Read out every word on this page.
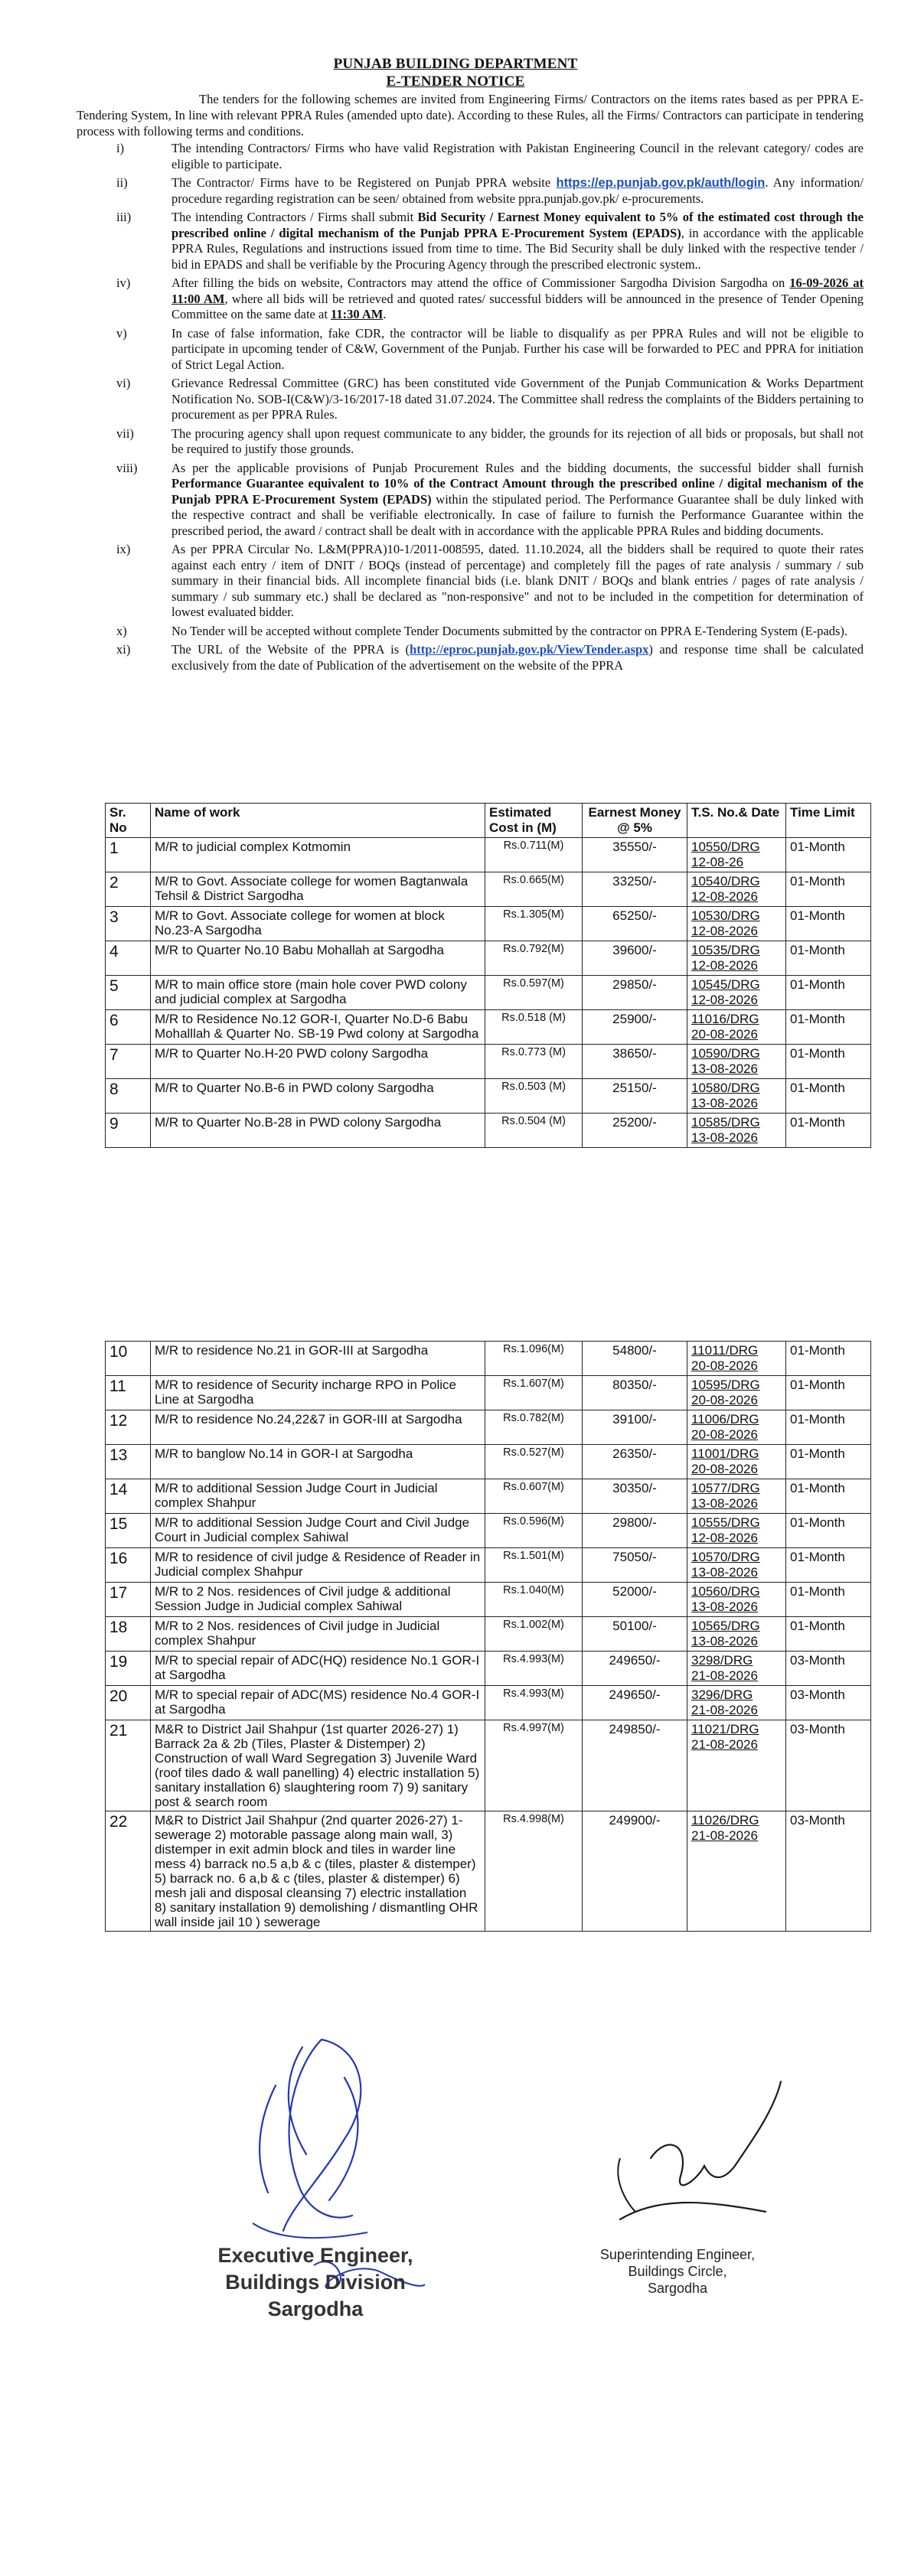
PUNJAB BUILDING DEPARTMENT
E-TENDER NOTICE
The tenders for the following schemes are invited from Engineering Firms/ Contractors on the items rates based as per PPRA E-Tendering System, In line with relevant PPRA Rules (amended upto date). According to these Rules, all the Firms/ Contractors can participate in tendering process with following terms and conditions.
i)	The intending Contractors/ Firms who have valid Registration with Pakistan Engineering Council in the relevant category/ codes are eligible to participate.
ii)	The Contractor/ Firms have to be Registered on Punjab PPRA website https://ep.punjab.gov.pk/auth/login. Any information/ procedure regarding registration can be seen/ obtained from website ppra.punjab.gov.pk/ e-procurements.
iii)	The intending Contractors / Firms shall submit Bid Security / Earnest Money equivalent to 5% of the estimated cost through the prescribed online / digital mechanism of the Punjab PPRA E-Procurement System (EPADS), in accordance with the applicable PPRA Rules, Regulations and instructions issued from time to time. The Bid Security shall be duly linked with the respective tender / bid in EPADS and shall be verifiable by the Procuring Agency through the prescribed electronic system..
iv)	After filling the bids on website, Contractors may attend the office of Commissioner Sargodha Division Sargodha on 16-09-2026 at 11:00 AM, where all bids will be retrieved and quoted rates/ successful bidders will be announced in the presence of Tender Opening Committee on the same date at 11:30 AM.
v)	In case of false information, fake CDR, the contractor will be liable to disqualify as per PPRA Rules and will not be eligible to participate in upcoming tender of C&W, Government of the Punjab. Further his case will be forwarded to PEC and PPRA for initiation of Strict Legal Action.
vi)	Grievance Redressal Committee (GRC) has been constituted vide Government of the Punjab Communication & Works Department Notification No. SOB-I(C&W)/3-16/2017-18 dated 31.07.2024. The Committee shall redress the complaints of the Bidders pertaining to procurement as per PPRA Rules.
vii)	The procuring agency shall upon request communicate to any bidder, the grounds for its rejection of all bids or proposals, but shall not be required to justify those grounds.
viii)	As per the applicable provisions of Punjab Procurement Rules and the bidding documents, the successful bidder shall furnish Performance Guarantee equivalent to 10% of the Contract Amount through the prescribed online / digital mechanism of the Punjab PPRA E-Procurement System (EPADS) within the stipulated period. The Performance Guarantee shall be duly linked with the respective contract and shall be verifiable electronically. In case of failure to furnish the Performance Guarantee within the prescribed period, the award / contract shall be dealt with in accordance with the applicable PPRA Rules and bidding documents.
ix)	As per PPRA Circular No. L&M(PPRA)10-1/2011-008595, dated. 11.10.2024, all the bidders shall be required to quote their rates against each entry / item of DNIT / BOQs (instead of percentage) and completely fill the pages of rate analysis / summary / sub summary in their financial bids. All incomplete financial bids (i.e. blank DNIT / BOQs and blank entries / pages of rate analysis / summary / sub summary etc.) shall be declared as "non-responsive" and not to be included in the competition for determination of lowest evaluated bidder.
x)	No Tender will be accepted without complete Tender Documents submitted by the contractor on PPRA E-Tendering System (E-pads).
xi)	The URL of the Website of the PPRA is (http://eproc.punjab.gov.pk/ViewTender.aspx) and response time shall be calculated exclusively from the date of Publication of the advertisement on the website of the PPRA
Sr. No	Name of work	Estimated Cost in (M)	Earnest Money @ 5%	T.S. No.& Date	Time Limit
1	M/R to judicial complex Kotmomin	Rs.0.711(M)	35550/-	10550/DRG
12-08-26	01-Month
2	M/R to Govt. Associate college for women Bagtanwala Tehsil & District Sargodha	Rs.0.665(M)	33250/-	10540/DRG
12-08-2026	01-Month
3	M/R to Govt. Associate college for women at block No.23-A Sargodha	Rs.1.305(M)	65250/-	10530/DRG
12-08-2026	01-Month
4	M/R to Quarter No.10 Babu Mohallah at Sargodha	Rs.0.792(M)	39600/-	10535/DRG
12-08-2026	01-Month
5	M/R to main office store (main hole cover PWD colony and judicial complex at Sargodha	Rs.0.597(M)	29850/-	10545/DRG
12-08-2026	01-Month
6	M/R to Residence No.12 GOR-I, Quarter No.D-6 Babu Mohalllah & Quarter No. SB-19 Pwd colony at Sargodha	Rs.0.518 (M)	25900/-	11016/DRG
20-08-2026	01-Month
7	M/R to Quarter No.H-20 PWD colony Sargodha	Rs.0.773 (M)	38650/-	10590/DRG
13-08-2026	01-Month
8	M/R to Quarter No.B-6 in PWD colony Sargodha	Rs.0.503 (M)	25150/-	10580/DRG
13-08-2026	01-Month
9	M/R to Quarter No.B-28 in PWD colony Sargodha	Rs.0.504 (M)	25200/-	10585/DRG
13-08-2026	01-Month
10	M/R to residence No.21 in GOR-III at Sargodha	Rs.1.096(M)	54800/-	11011/DRG
20-08-2026	01-Month
11	M/R to residence of Security incharge RPO in Police Line at Sargodha	Rs.1.607(M)	80350/-	10595/DRG
20-08-2026	01-Month
12	M/R to residence No.24,22&7 in GOR-III at Sargodha	Rs.0.782(M)	39100/-	11006/DRG
20-08-2026	01-Month
13	M/R to banglow No.14 in GOR-I at Sargodha	Rs.0.527(M)	26350/-	11001/DRG
20-08-2026	01-Month
14	M/R to additional Session Judge Court in Judicial complex Shahpur	Rs.0.607(M)	30350/-	10577/DRG
13-08-2026	01-Month
15	M/R to additional Session Judge Court and Civil Judge Court in Judicial complex Sahiwal	Rs.0.596(M)	29800/-	10555/DRG
12-08-2026	01-Month
16	M/R to residence of civil judge & Residence of Reader in Judicial complex Shahpur	Rs.1.501(M)	75050/-	10570/DRG
13-08-2026	01-Month
17	M/R to 2 Nos. residences of Civil judge & additional Session Judge in Judicial complex Sahiwal	Rs.1.040(M)	52000/-	10560/DRG
13-08-2026	01-Month
18	M/R to 2 Nos. residences of Civil judge in Judicial complex Shahpur	Rs.1.002(M)	50100/-	10565/DRG
13-08-2026	01-Month
19	M/R to special repair of ADC(HQ) residence No.1 GOR-I at Sargodha	Rs.4.993(M)	249650/-	3298/DRG
21-08-2026	03-Month
20	M/R to special repair of ADC(MS) residence No.4 GOR-I at Sargodha	Rs.4.993(M)	249650/-	3296/DRG
21-08-2026	03-Month
21	M&R to District Jail Shahpur (1st quarter 2026-27) 1) Barrack 2a & 2b (Tiles, Plaster & Distemper) 2) Construction of wall Ward Segregation 3) Juvenile Ward (roof tiles dado & wall panelling) 4) electric installation 5) sanitary installation 6) slaughtering room 7) 9) sanitary post & search room	Rs.4.997(M)	249850/-	11021/DRG
21-08-2026	03-Month
22	M&R to District Jail Shahpur (2nd quarter 2026-27) 1- sewerage 2) motorable passage along main wall, 3) distemper in exit admin block and tiles in warder line mess 4) barrack no.5 a,b & c (tiles, plaster & distemper) 5) barrack no. 6 a,b & c (tiles, plaster & distemper) 6) mesh jali and disposal cleansing 7) electric installation 8) sanitary installation 9) demolishing / dismantling OHR wall inside jail 10 ) sewerage	Rs.4.998(M)	249900/-	11026/DRG
21-08-2026	03-Month
Executive Engineer,
Buildings Division
Sargodha
Superintending Engineer,
Buildings Circle,
Sargodha
